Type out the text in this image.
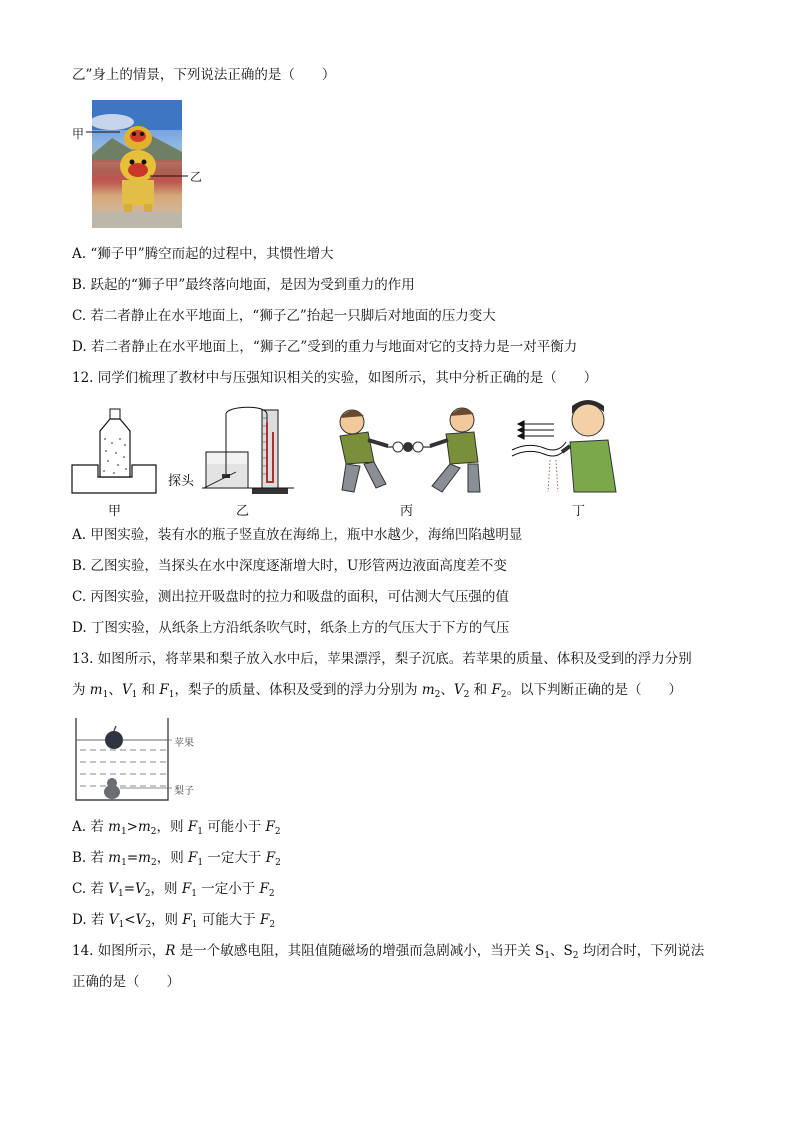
乙”身上的情景，下列说法正确的是（　　）
甲
乙
A. “狮子甲”腾空而起的过程中，其惯性增大
B. 跃起的“狮子甲”最终落向地面，是因为受到重力的作用
C. 若二者静止在水平地面上，“狮子乙”抬起一只脚后对地面的压力变大
D. 若二者静止在水平地面上，“狮子乙”受到的重力与地面对它的支持力是一对平衡力
12. 同学们梳理了教材中与压强知识相关的实验，如图所示，其中分析正确的是（　　）
探头
甲	乙	丙	丁
A. 甲图实验，装有水的瓶子竖直放在海绵上，瓶中水越少，海绵凹陷越明显
B. 乙图实验，当探头在水中深度逐渐增大时，U形管两边液面高度差不变
C. 丙图实验，测出拉开吸盘时的拉力和吸盘的面积，可估测大气压强的值
D. 丁图实验，从纸条上方沿纸条吹气时，纸条上方的气压大于下方的气压
13. 如图所示，将苹果和梨子放入水中后，苹果漂浮，梨子沉底。若苹果的质量、体积及受到的浮力分别
为 $m_1$、$V_1$ 和 $F_1$，梨子的质量、体积及受到的浮力分别为 $m_2$、$V_2$ 和 $F_2$。以下判断正确的是（　　）
苹果
梨子
A. 若 $m_1>m_2$，则 $F_1$ 可能小于 $F_2$
B. 若 $m_1=m_2$，则 $F_1$ 一定大于 $F_2$
C. 若 $V_1=V_2$，则 $F_1$ 一定小于 $F_2$
D. 若 $V_1<V_2$，则 $F_1$ 可能大于 $F_2$
14. 如图所示，R 是一个敏感电阻，其阻值随磁场的增强而急剧减小，当开关 $S_1$、$S_2$ 均闭合时，下列说法
正确的是（　　）
